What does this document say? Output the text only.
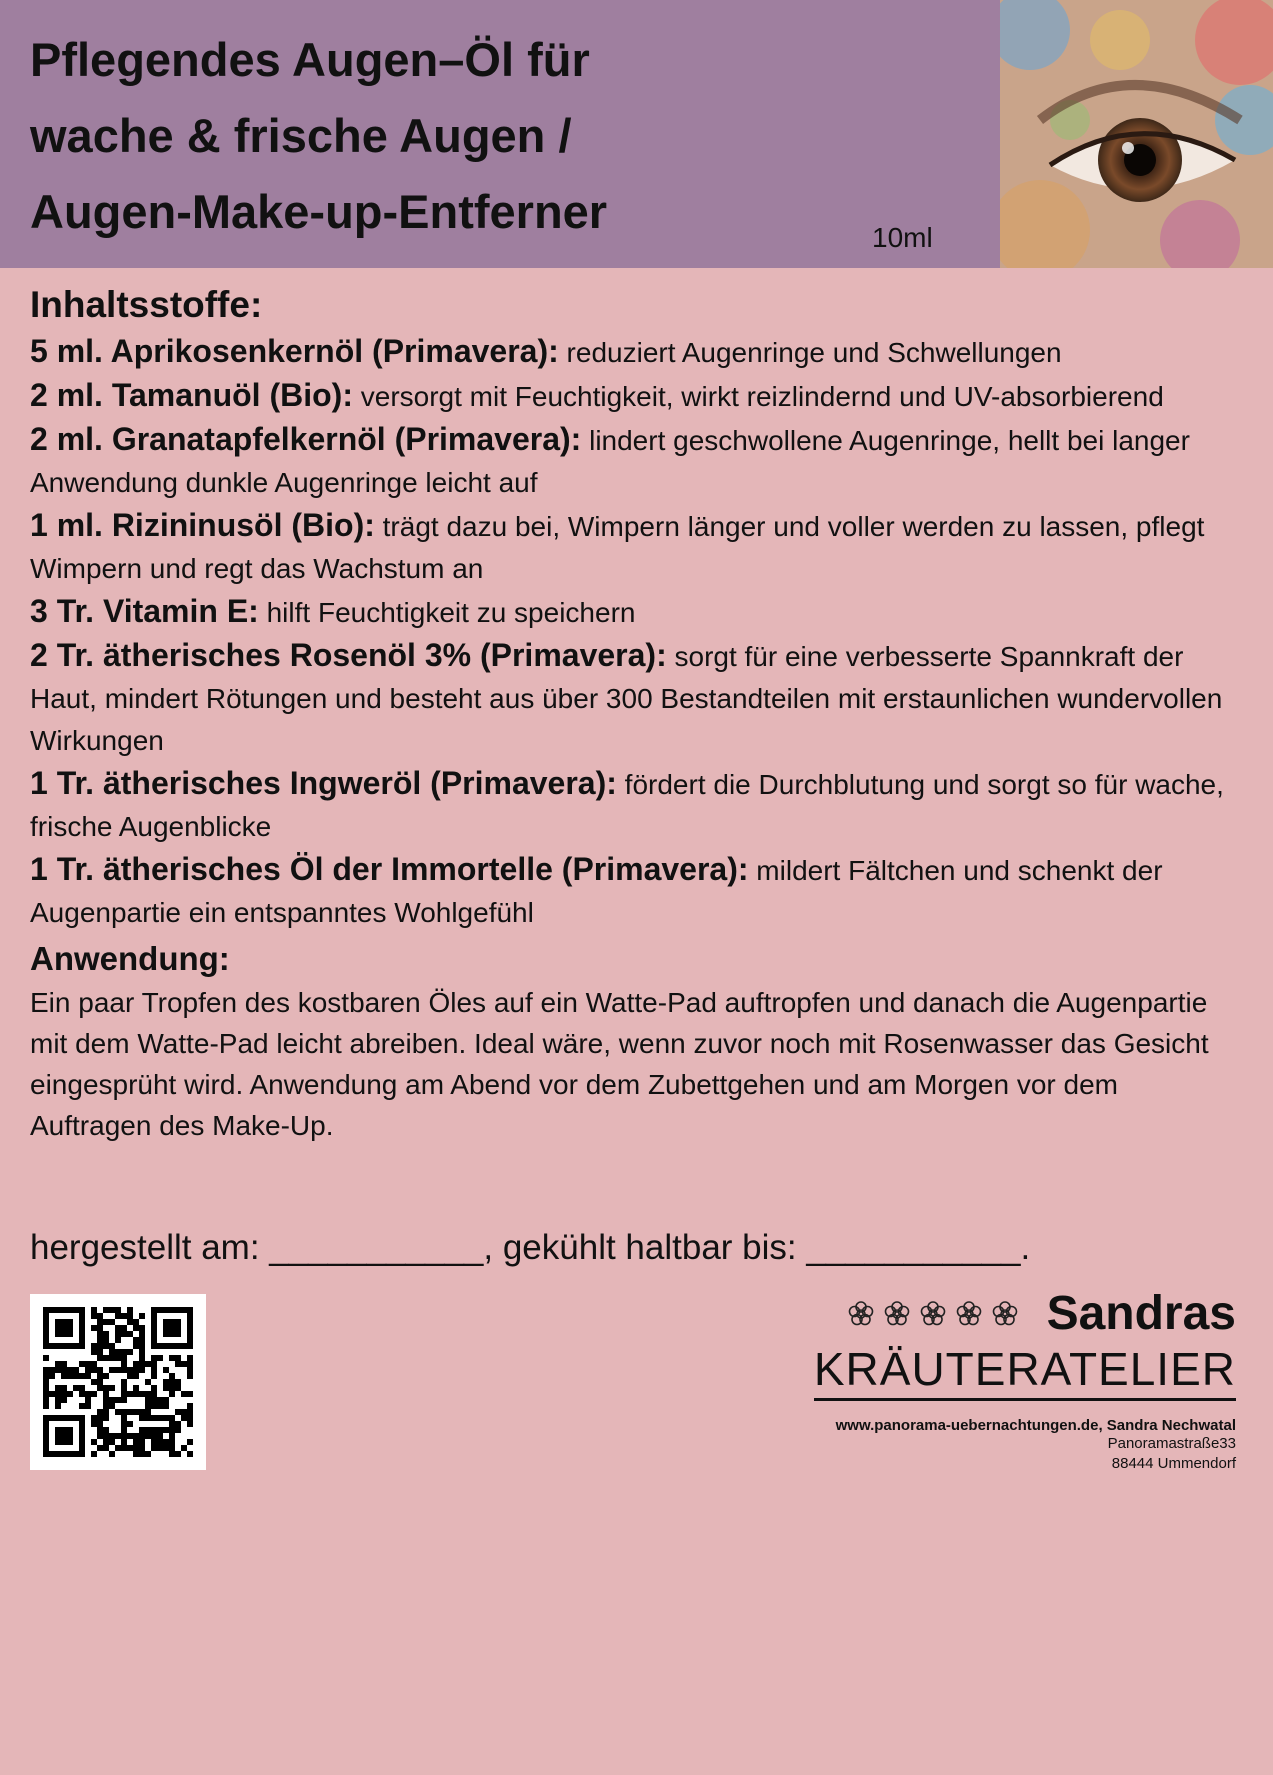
Pflegendes Augen–Öl für
wache & frische Augen /
Augen-Make-up-Entferner	10ml
Inhaltsstoffe:
5 ml. Aprikosenkernöl (Primavera): reduziert Augenringe und Schwellungen
2 ml. Tamanuöl (Bio): versorgt mit Feuchtigkeit, wirkt reizlindernd und UV-absorbierend
2 ml. Granatapfelkernöl (Primavera): lindert geschwollene Augenringe, hellt bei langer Anwendung dunkle Augenringe leicht auf
1 ml. Rizininusöl (Bio): trägt dazu bei, Wimpern länger und voller werden zu lassen, pflegt Wimpern und regt das Wachstum an
3 Tr. Vitamin E: hilft Feuchtigkeit zu speichern
2 Tr. ätherisches Rosenöl 3% (Primavera): sorgt für eine verbesserte Spannkraft der Haut, mindert Rötungen und besteht aus über 300 Bestandteilen mit erstaunlichen wundervollen Wirkungen
1 Tr. ätherisches Ingweröl (Primavera): fördert die Durchblutung und sorgt so für wache, frische Augenblicke
1 Tr. ätherisches Öl der Immortelle (Primavera): mildert Fältchen und schenkt der Augenpartie ein entspanntes Wohlgefühl
Anwendung:
Ein paar Tropfen des kostbaren Öles auf ein Watte-Pad auftropfen und danach die Augenpartie mit dem Watte-Pad leicht abreiben. Ideal wäre, wenn zuvor noch mit Rosenwasser das Gesicht eingesprüht wird. Anwendung am Abend vor dem Zubettgehen und am Morgen vor dem Auftragen des Make-Up.
hergestellt am: ___________, gekühlt haltbar bis: ___________.
Sandras
KRÄUTERATELIER
www.panorama-uebernachtungen.de, Sandra Nechwatal
Panoramastraße33
88444 Ummendorf
